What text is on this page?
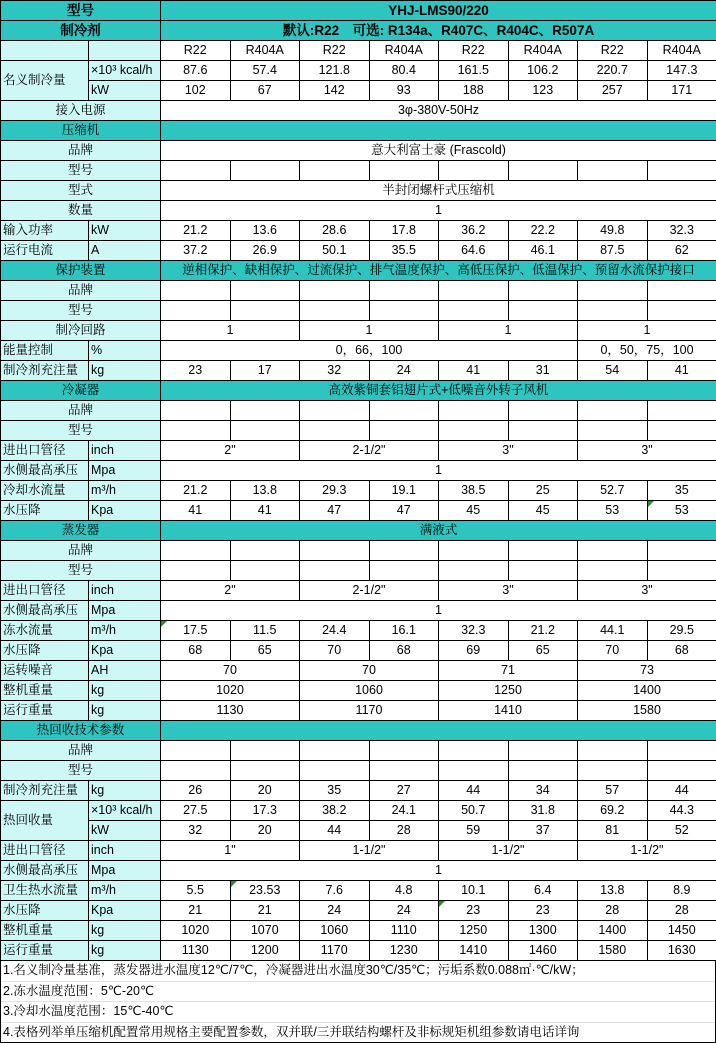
型号		YHJ-LMS90/220							
制冷剂		默认:R22　可选: R134a、R407C、R404C、R507A							
		R22	R404A	R22	R404A	R22	R404A	R22	R404A
名义制冷量	×10³ kcal/h	87.6	57.4	121.8	80.4	161.5	106.2	220.7	147.3
	kW	102	67	142	93	188	123	257	171
接入电源		3φ-380V-50Hz							
压缩机									
品牌		意大利富士豪 (Frascold)							
型号									
型式		半封闭螺杆式压缩机							
数量		1							
输入功率	kW	21.2	13.6	28.6	17.8	36.2	22.2	49.8	32.3
运行电流	A	37.2	26.9	50.1	35.5	64.6	46.1	87.5	62
保护装置		逆相保护、缺相保护、过流保护、排气温度保护、高低压保护、低温保护、预留水流保护接口							
品牌									
型号									
制冷回路		1		1		1		1	
能量控制	%	0，66，100						0，50，75，100	
制冷剂充注量	kg	23	17	32	24	41	31	54	41
冷凝器		高效紫铜套铝翅片式+低噪音外转子风机							
品牌									
型号									
进出口管径	inch	2"		2-1/2"		3"		3"	
水侧最高承压	Mpa	1							
冷却水流量	m³/h	21.2	13.8	29.3	19.1	38.5	25	52.7	35
水压降	Kpa	41	41	47	47	45	45	53	53
蒸发器		满液式							
品牌									
型号									
进出口管径	inch	2"		2-1/2"		3"		3"	
水侧最高承压	Mpa	1							
冻水流量	m³/h	17.5	11.5	24.4	16.1	32.3	21.2	44.1	29.5
水压降	Kpa	68	65	70	68	69	65	70	68
运转噪音	AH	70		70		71		73	
整机重量	kg	1020		1060		1250		1400	
运行重量	kg	1130		1170		1410		1580	
热回收技术参数									
品牌									
型号									
制冷剂充注量	kg	26	20	35	27	44	34	57	44
热回收量	×10³ kcal/h	27.5	17.3	38.2	24.1	50.7	31.8	69.2	44.3
	kW	32	20	44	28	59	37	81	52
进出口管径	inch	1"		1-1/2"		1-1/2"		1-1/2"	
水侧最高承压	Mpa	1							
卫生热水流量	m³/h	5.5	23.53	7.6	4.8	10.1	6.4	13.8	8.9
水压降	Kpa	21	21	24	24	23	23	28	28
整机重量	kg	1020	1070	1060	1110	1250	1300	1400	1450
运行重量	kg	1130	1200	1170	1230	1410	1460	1580	1630
1.名义制冷量基准，蒸发器进水温度12℃/7℃，冷凝器进出水温度30℃/35℃；污垢系数0.088㎡·℃/kW；
2.冻水温度范围：5℃-20℃
3.冷却水温度范围：15℃-40℃
4.表格列举单压缩机配置常用规格主要配置参数，双并联/三并联结构螺杆及非标规矩机组参数请电话详询
